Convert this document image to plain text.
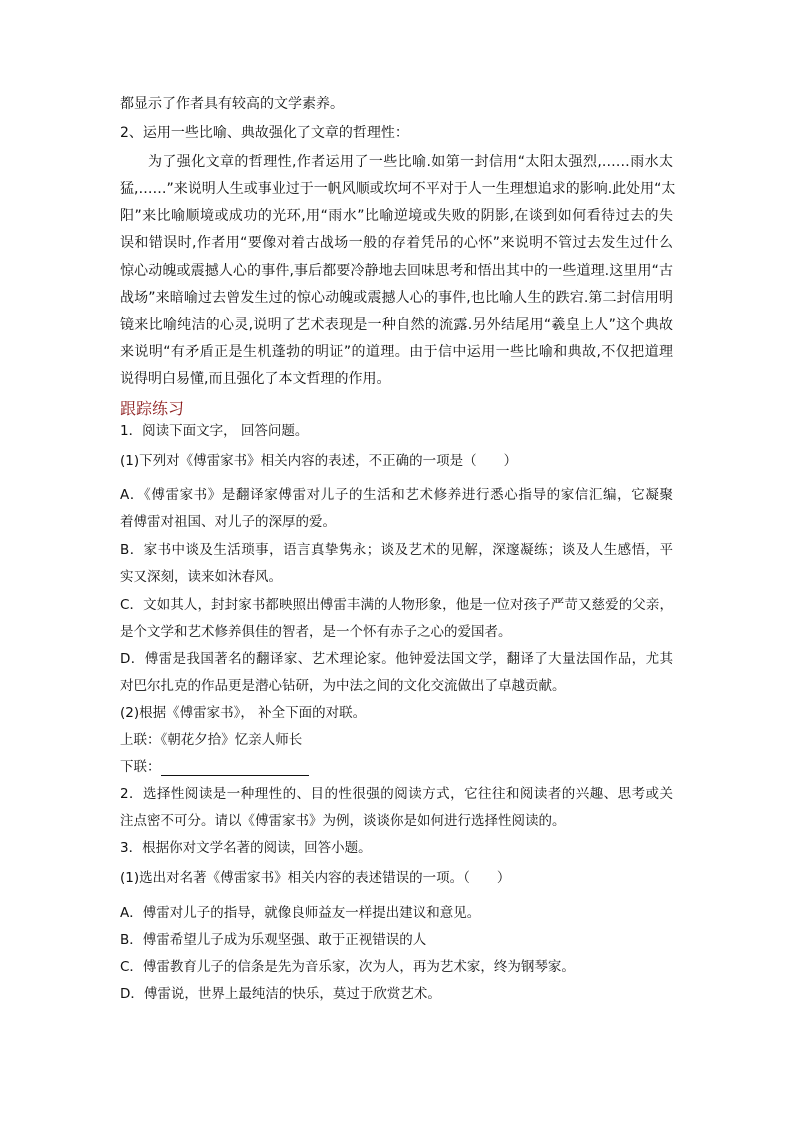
都显示了作者具有较高的文学素养。
2、运用一些比喻、典故强化了文章的哲理性：
为了强化文章的哲理性,作者运用了一些比喻.如第一封信用“太阳太强烈,……雨水太
猛,……”来说明人生或事业过于一帆风顺或坎坷不平对于人一生理想追求的影响.此处用“太
阳”来比喻顺境或成功的光环,用“雨水”比喻逆境或失败的阴影,在谈到如何看待过去的失
误和错误时,作者用“要像对着古战场一般的存着凭吊的心怀”来说明不管过去发生过什么
惊心动魄或震撼人心的事件,事后都要冷静地去回味思考和悟出其中的一些道理.这里用“古
战场”来暗喻过去曾发生过的惊心动魄或震撼人心的事件,也比喻人生的跌宕.第二封信用明
镜来比喻纯洁的心灵,说明了艺术表现是一种自然的流露.另外结尾用“羲皇上人”这个典故
来说明“有矛盾正是生机蓬勃的明证”的道理。由于信中运用一些比喻和典故,不仅把道理
说得明白易懂,而且强化了本文哲理的作用。
跟踪练习
1．阅读下面文字， 回答问题。
(1)下列对《傅雷家书》相关内容的表述，不正确的一项是（　　）
A．《傅雷家书》是翻译家傅雷对儿子的生活和艺术修养进行悉心指导的家信汇编，它凝聚
着傅雷对祖国、对儿子的深厚的爱。
B．家书中谈及生活琐事，语言真挚隽永；谈及艺术的见解，深邃凝练；谈及人生感悟，平
实又深刻，读来如沐春风。
C．文如其人，封封家书都映照出傅雷丰满的人物形象，他是一位对孩子严苛又慈爱的父亲，
是个文学和艺术修养俱佳的智者，是一个怀有赤子之心的爱国者。
D．傅雷是我国著名的翻译家、艺术理论家。他钟爱法国文学，翻译了大量法国作品，尤其
对巴尔扎克的作品更是潜心钻研，为中法之间的文化交流做出了卓越贡献。
(2)根据《傅雷家书》， 补全下面的对联。
上联：《朝花夕拾》忆亲人师长
下联：
2．选择性阅读是一种理性的、目的性很强的阅读方式，它往往和阅读者的兴趣、思考或关
注点密不可分。请以《傅雷家书》为例，谈谈你是如何进行选择性阅读的。
3．根据你对文学名著的阅读，回答小题。
(1)选出对名著《傅雷家书》相关内容的表述错误的一项。（　　）
A．傅雷对儿子的指导，就像良师益友一样提出建议和意见。
B．傅雷希望儿子成为乐观坚强、敢于正视错误的人
C．傅雷教育儿子的信条是先为音乐家，次为人，再为艺术家，终为钢琴家。
D．傅雷说，世界上最纯洁的快乐，莫过于欣赏艺术。
